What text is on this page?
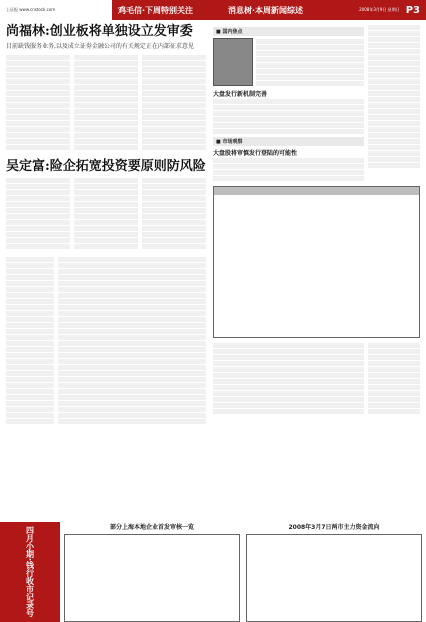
上证报 www.cnstock.com	鸡毛信·下周特别关注	消息树·本周新闻综述	2008年3月9日 星期日 P3
尚福林:创业板将单独设立发审委
目前缺钱服务业务,以及成立证券金融公司的有关规定正在内部征求意见
吴定富:险企拓宽投资要原则防风险
■ 国内焦点
大盘发行新机制完善
■ 市场观察
大盘股将审慎发行登陆的可能性
四月小期·钱行收市记录号	部分上海本地企业首发审核一览	2008年3月7日两市主力资金流向
